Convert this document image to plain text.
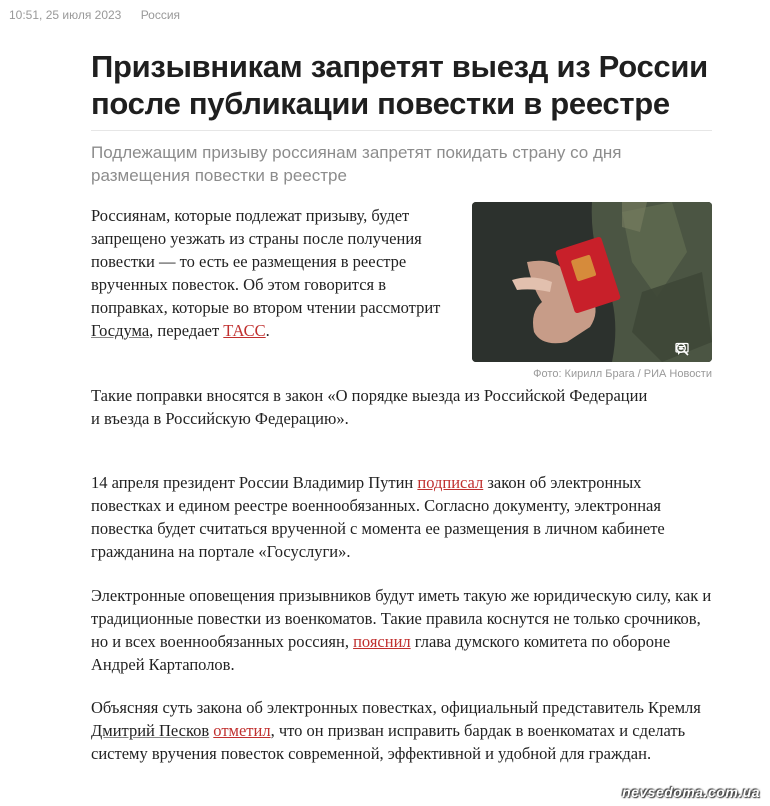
10:51, 25 июля 2023 Россия
Призывникам запретят выезд из России после публикации повестки в реестре

Подлежащим призыву россиянам запретят покидать страну со дня размещения повестки в реестре

Фото: Кирилл Брага / РИА Новости

Россиянам, которые подлежат призыву, будет запрещено уезжать из страны после получения повестки — то есть ее размещения в реестре врученных повесток. Об этом говорится в поправках, которые во втором чтении рассмотрит Госдума, передает ТАСС.

Такие поправки вносятся в закон «О порядке выезда из Российской Федерации и въезда в Российскую Федерацию».

14 апреля президент России Владимир Путин подписал закон об электронных повестках и едином реестре военнообязанных. Согласно документу, электронная повестка будет считаться врученной с момента ее размещения в личном кабинете гражданина на портале «Госуслуги».

Электронные оповещения призывников будут иметь такую же юридическую силу, как и традиционные повестки из военкоматов. Такие правила коснутся не только срочников, но и всех военнообязанных россиян, пояснил глава думского комитета по обороне Андрей Картаполов.

Объясняя суть закона об электронных повестках, официальный представитель Кремля Дмитрий Песков отметил, что он призван исправить бардак в военкоматах и сделать систему вручения повесток современной, эффективной и удобной для граждан.

nevsedoma.com.ua
